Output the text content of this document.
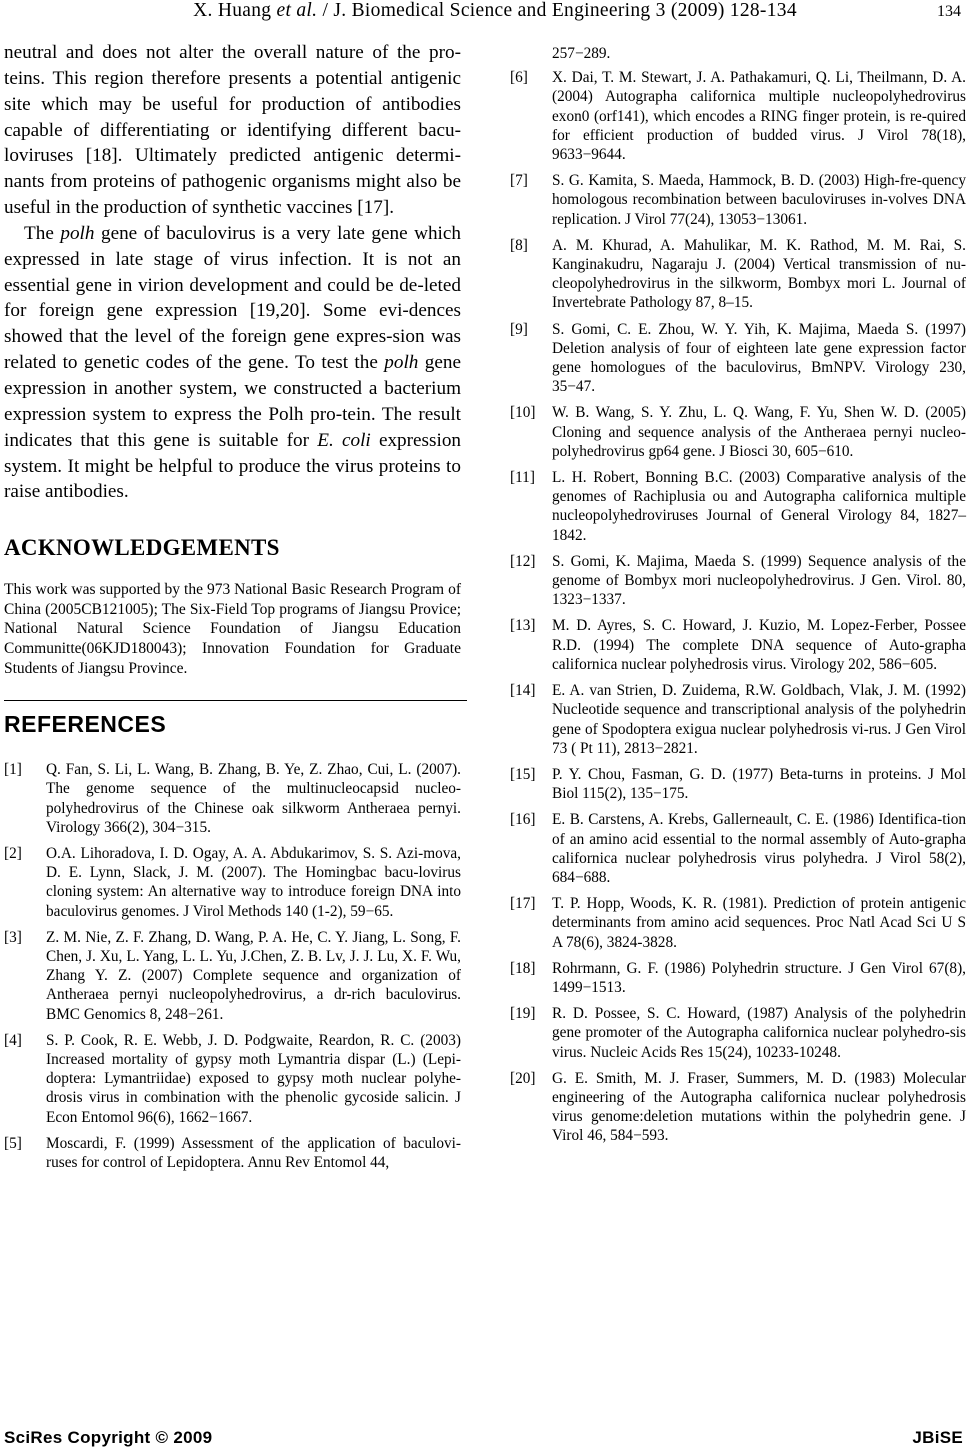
X. Huang et al. / J. Biomedical Science and Engineering 3 (2009) 128-134	134

neutral and does not alter the overall nature of the pro-teins. This region therefore presents a potential antigenic site which may be useful for production of antibodies capable of differentiating or identifying different bacu-loviruses [18]. Ultimately predicted antigenic determi-nants from proteins of pathogenic organisms might also be useful in the production of synthetic vaccines [17].

The polh gene of baculovirus is a very late gene which expressed in late stage of virus infection. It is not an essential gene in virion development and could be de-leted for foreign gene expression [19,20]. Some evi-dences showed that the level of the foreign gene expres-sion was related to genetic codes of the gene. To test the polh gene expression in another system, we constructed a bacterium expression system to express the Polh pro-tein. The result indicates that this gene is suitable for E. coli expression system. It might be helpful to produce the virus proteins to raise antibodies.

ACKNOWLEDGEMENTS

This work was supported by the 973 National Basic Research Program of China (2005CB121005); The Six-Field Top programs of Jiangsu Provice; National Natural Science Foundation of Jiangsu Education Communitte(06KJD180043); Innovation Foundation for Graduate Students of Jiangsu Province.

REFERENCES
[1] Q. Fan, S. Li, L. Wang, B. Zhang, B. Ye, Z. Zhao, Cui, L. (2007). The genome sequence of the multinucleocapsid nucleo-polyhedrovirus of the Chinese oak silkworm Antheraea pernyi. Virology 366(2), 304−315.
[2] O.A. Lihoradova, I. D. Ogay, A. A. Abdukarimov, S. S. Azi-mova, D. E. Lynn, Slack, J. M. (2007). The Homingbac bacu-lovirus cloning system: An alternative way to introduce foreign DNA into baculovirus genomes. J Virol Methods 140 (1-2), 59−65.
[3] Z. M. Nie, Z. F. Zhang, D. Wang, P. A. He, C. Y. Jiang, L. Song, F. Chen, J. Xu, L. Yang, L. L. Yu, J.Chen, Z. B. Lv, J. J. Lu, X. F. Wu, Zhang Y. Z. (2007) Complete sequence and organization of Antheraea pernyi nucleopolyhedrovirus, a dr-rich baculovirus. BMC Genomics 8, 248−261.
[4] S. P. Cook, R. E. Webb, J. D. Podgwaite, Reardon, R. C. (2003) Increased mortality of gypsy moth Lymantria dispar (L.) (Lepi-doptera: Lymantriidae) exposed to gypsy moth nuclear polyhe-drosis virus in combination with the phenolic gycoside salicin. J Econ Entomol 96(6), 1662−1667.
[5] Moscardi, F. (1999) Assessment of the application of baculovi-ruses for control of Lepidoptera. Annu Rev Entomol 44,

257−289.

[6] X. Dai, T. M. Stewart, J. A. Pathakamuri, Q. Li, Theilmann, D. A. (2004) Autographa californica multiple nucleopolyhedrovirus exon0 (orf141), which encodes a RING finger protein, is re-quired for efficient production of budded virus. J Virol 78(18), 9633−9644.
[7] S. G. Kamita, S. Maeda, Hammock, B. D. (2003) High-fre-quency homologous recombination between baculoviruses in-volves DNA replication. J Virol 77(24), 13053−13061.
[8] A. M. Khurad, A. Mahulikar, M. K. Rathod, M. M. Rai, S. Kanginakudru, Nagaraju J. (2004) Vertical transmission of nu-cleopolyhedrovirus in the silkworm, Bombyx mori L. Journal of Invertebrate Pathology 87, 8–15.
[9] S. Gomi, C. E. Zhou, W. Y. Yih, K. Majima, Maeda S. (1997) Deletion analysis of four of eighteen late gene expression factor gene homologues of the baculovirus, BmNPV. Virology 230, 35−47.
[10] W. B. Wang, S. Y. Zhu, L. Q. Wang, F. Yu, Shen W. D. (2005) Cloning and sequence analysis of the Antheraea pernyi nucleo-polyhedrovirus gp64 gene. J Biosci 30, 605−610.
[11] L. H. Robert, Bonning B.C. (2003) Comparative analysis of the genomes of Rachiplusia ou and Autographa californica multiple nucleopolyhedroviruses Journal of General Virology 84, 1827–1842.
[12] S. Gomi, K. Majima, Maeda S. (1999) Sequence analysis of the genome of Bombyx mori nucleopolyhedrovirus. J Gen. Virol. 80, 1323−1337.
[13] M. D. Ayres, S. C. Howard, J. Kuzio, M. Lopez-Ferber, Possee R.D. (1994) The complete DNA sequence of Auto-grapha californica nuclear polyhedrosis virus. Virology 202, 586−605.
[14] E. A. van Strien, D. Zuidema, R.W. Goldbach, Vlak, J. M. (1992) Nucleotide sequence and transcriptional analysis of the polyhedrin gene of Spodoptera exigua nuclear polyhedrosis vi-rus. J Gen Virol 73 ( Pt 11), 2813−2821.
[15] P. Y. Chou, Fasman, G. D. (1977) Beta-turns in proteins. J Mol Biol 115(2), 135−175.
[16] E. B. Carstens, A. Krebs, Gallerneault, C. E. (1986) Identifica-tion of an amino acid essential to the normal assembly of Auto-grapha californica nuclear polyhedrosis virus polyhedra. J Virol 58(2), 684−688.
[17] T. P. Hopp, Woods, K. R. (1981). Prediction of protein antigenic determinants from amino acid sequences. Proc Natl Acad Sci U S A 78(6), 3824-3828.
[18] Rohrmann, G. F. (1986) Polyhedrin structure. J Gen Virol 67(8), 1499−1513.
[19] R. D. Possee, S. C. Howard, (1987) Analysis of the polyhedrin gene promoter of the Autographa californica nuclear polyhedro-sis virus. Nucleic Acids Res 15(24), 10233-10248.
[20] G. E. Smith, M. J. Fraser, Summers, M. D. (1983) Molecular engineering of the Autographa californica nuclear polyhedrosis virus genome:deletion mutations within the polyhedrin gene. J Virol 46, 584−593.
SciRes Copyright © 2009	JBiSE
